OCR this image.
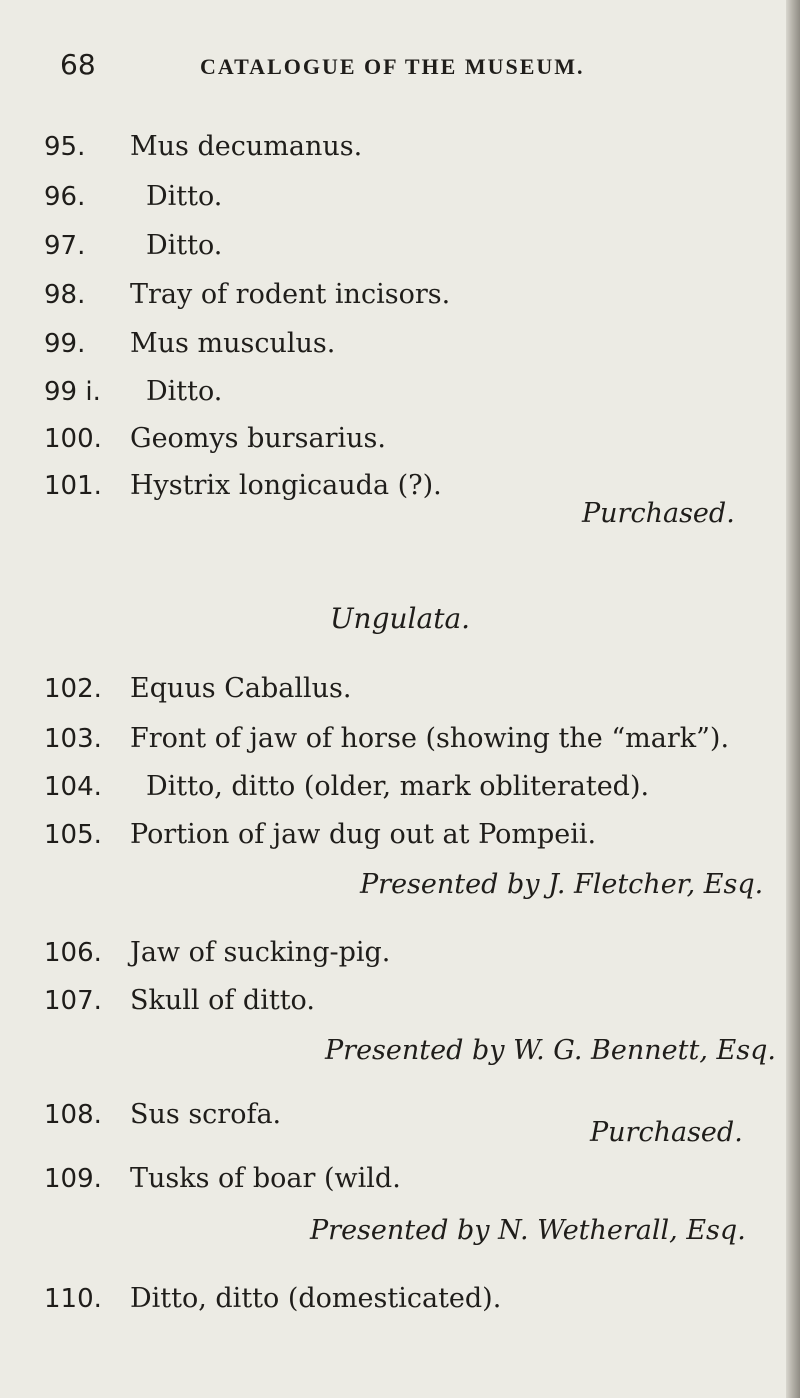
68	CATALOGUE OF THE MUSEUM.
95. Mus decumanus.
96. Ditto.
97. Ditto.
98. Tray of rodent incisors.
99. Mus musculus.
99 i. Ditto.
100. Geomys bursarius.
101. Hystrix longicauda (?).
Purchased.
Ungulata.
102. Equus Caballus.
103. Front of jaw of horse (showing the “mark”).
104. Ditto, ditto (older, mark obliterated).
105. Portion of jaw dug out at Pompeii.
Presented by J. Fletcher, Esq.
106. Jaw of sucking-pig.
107. Skull of ditto.
Presented by W. G. Bennett, Esq.
108. Sus scrofa.
Purchased.
109. Tusks of boar (wild.
Presented by N. Wetherall, Esq.
110. Ditto, ditto (domesticated).
